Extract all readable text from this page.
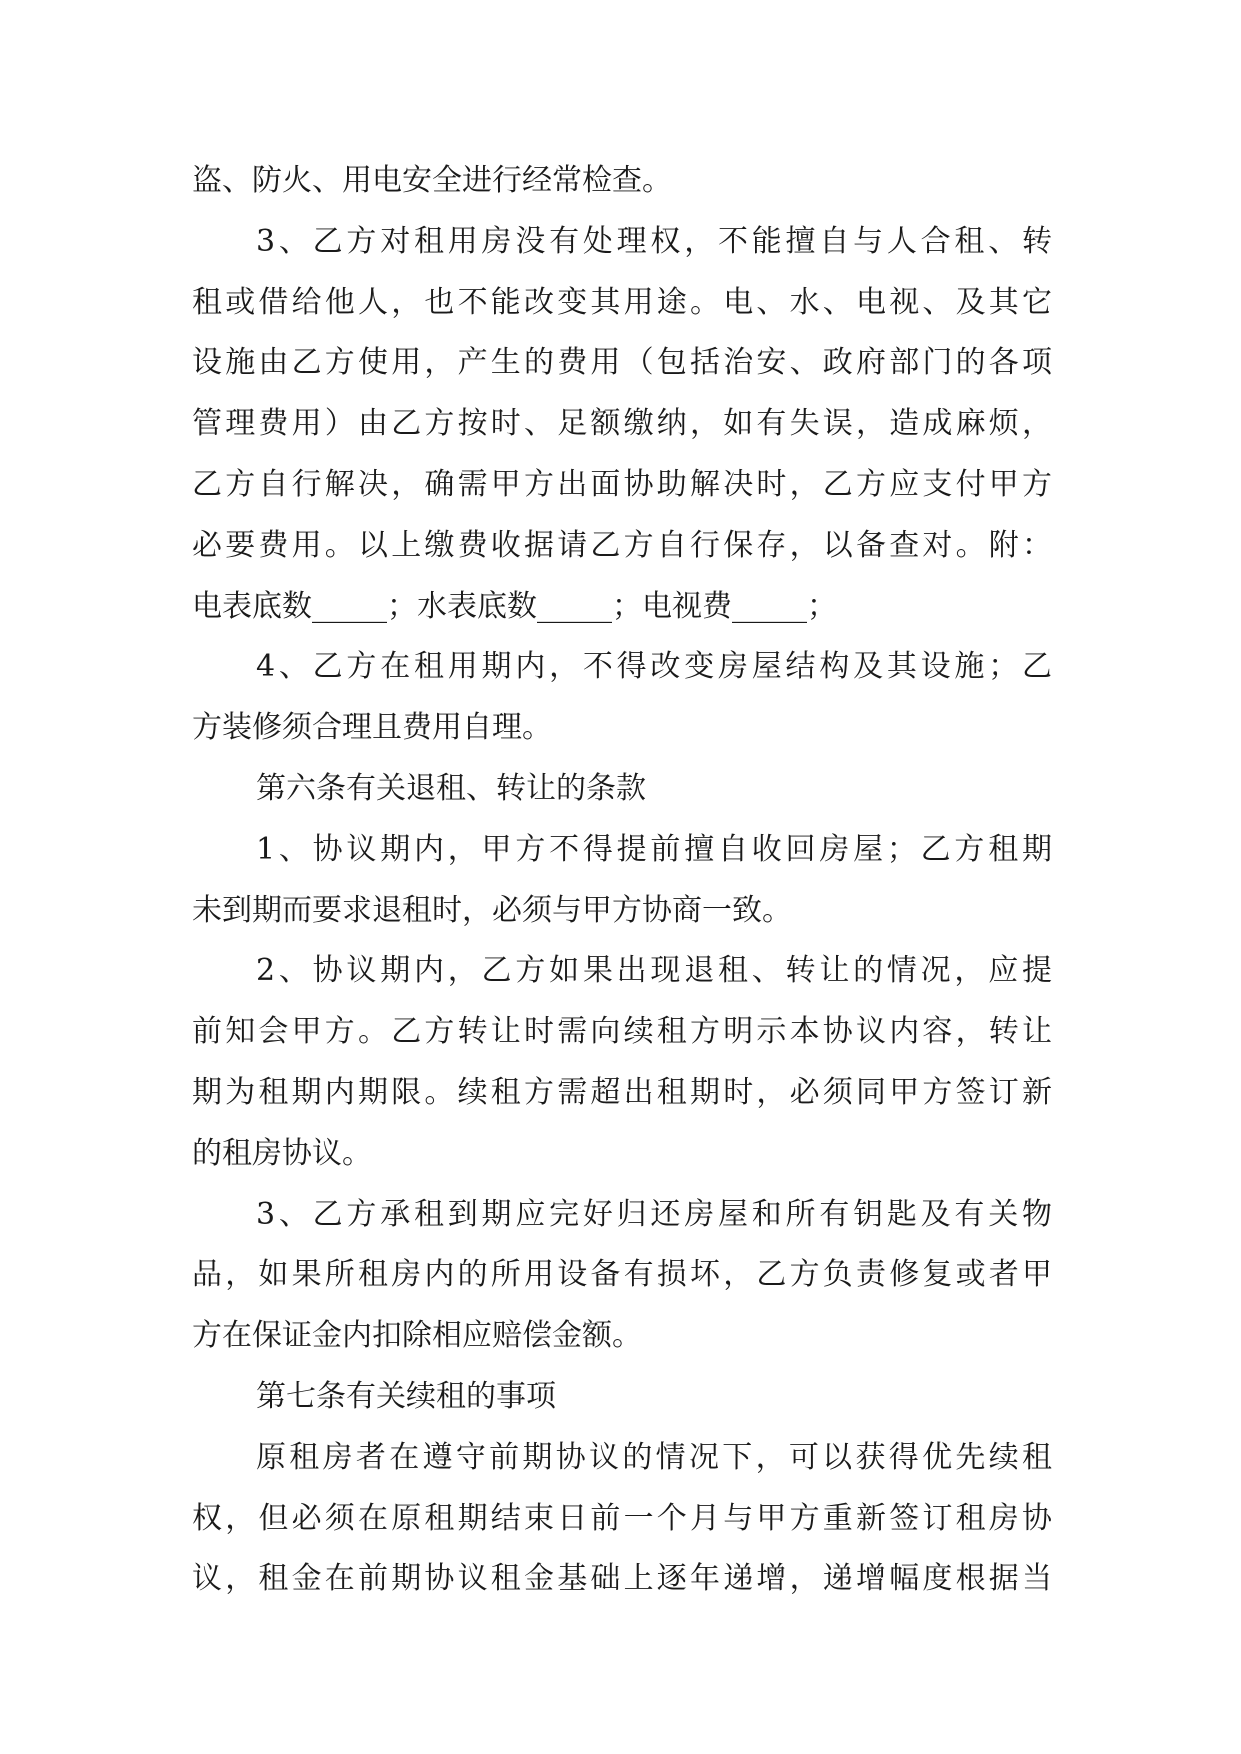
盗、防火、用电安全进行经常检查。
3、乙方对租用房没有处理权，不能擅自与人合租、转
租或借给他人，也不能改变其用途。电、水、电视、及其它
设施由乙方使用，产生的费用（包括治安、政府部门的各项
管理费用）由乙方按时、足额缴纳，如有失误，造成麻烦，
乙方自行解决，确需甲方出面协助解决时，乙方应支付甲方
必要费用。以上缴费收据请乙方自行保存，以备查对。附：
电表底数_____；水表底数_____；电视费_____；
4、乙方在租用期内，不得改变房屋结构及其设施；乙
方装修须合理且费用自理。
第六条有关退租、转让的条款
1、协议期内，甲方不得提前擅自收回房屋；乙方租期
未到期而要求退租时，必须与甲方协商一致。
2、协议期内，乙方如果出现退租、转让的情况，应提
前知会甲方。乙方转让时需向续租方明示本协议内容，转让
期为租期内期限。续租方需超出租期时，必须同甲方签订新
的租房协议。
3、乙方承租到期应完好归还房屋和所有钥匙及有关物
品，如果所租房内的所用设备有损坏，乙方负责修复或者甲
方在保证金内扣除相应赔偿金额。
第七条有关续租的事项
原租房者在遵守前期协议的情况下，可以获得优先续租
权，但必须在原租期结束日前一个月与甲方重新签订租房协
议，租金在前期协议租金基础上逐年递增，递增幅度根据当
